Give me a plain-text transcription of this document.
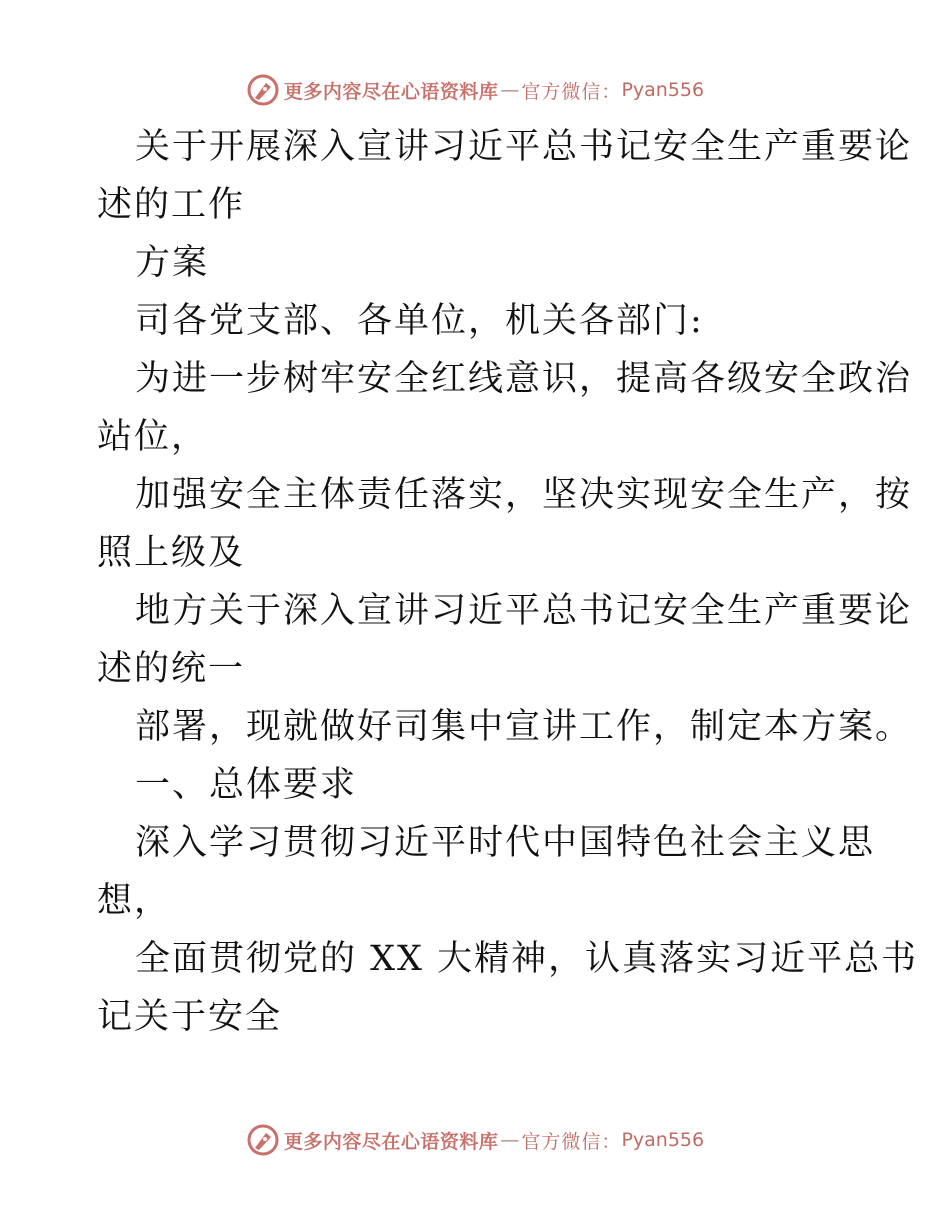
更多内容尽在心语资料库 — 官方微信： Pyan556
关于开展深入宣讲习近平总书记安全生产重要论
述的工作
方案
司各党支部、各单位，机关各部门:
为进一步树牢安全红线意识，提高各级安全政治
站位，
加强安全主体责任落实，坚决实现安全生产，按
照上级及
地方关于深入宣讲习近平总书记安全生产重要论
述的统一
部署，现就做好司集中宣讲工作，制定本方案。
一、总体要求
深入学习贯彻习近平时代中国特色社会主义思
想，
全面贯彻党的 XX 大精神，认真落实习近平总书
记关于安全
更多内容尽在心语资料库 — 官方微信： Pyan556
